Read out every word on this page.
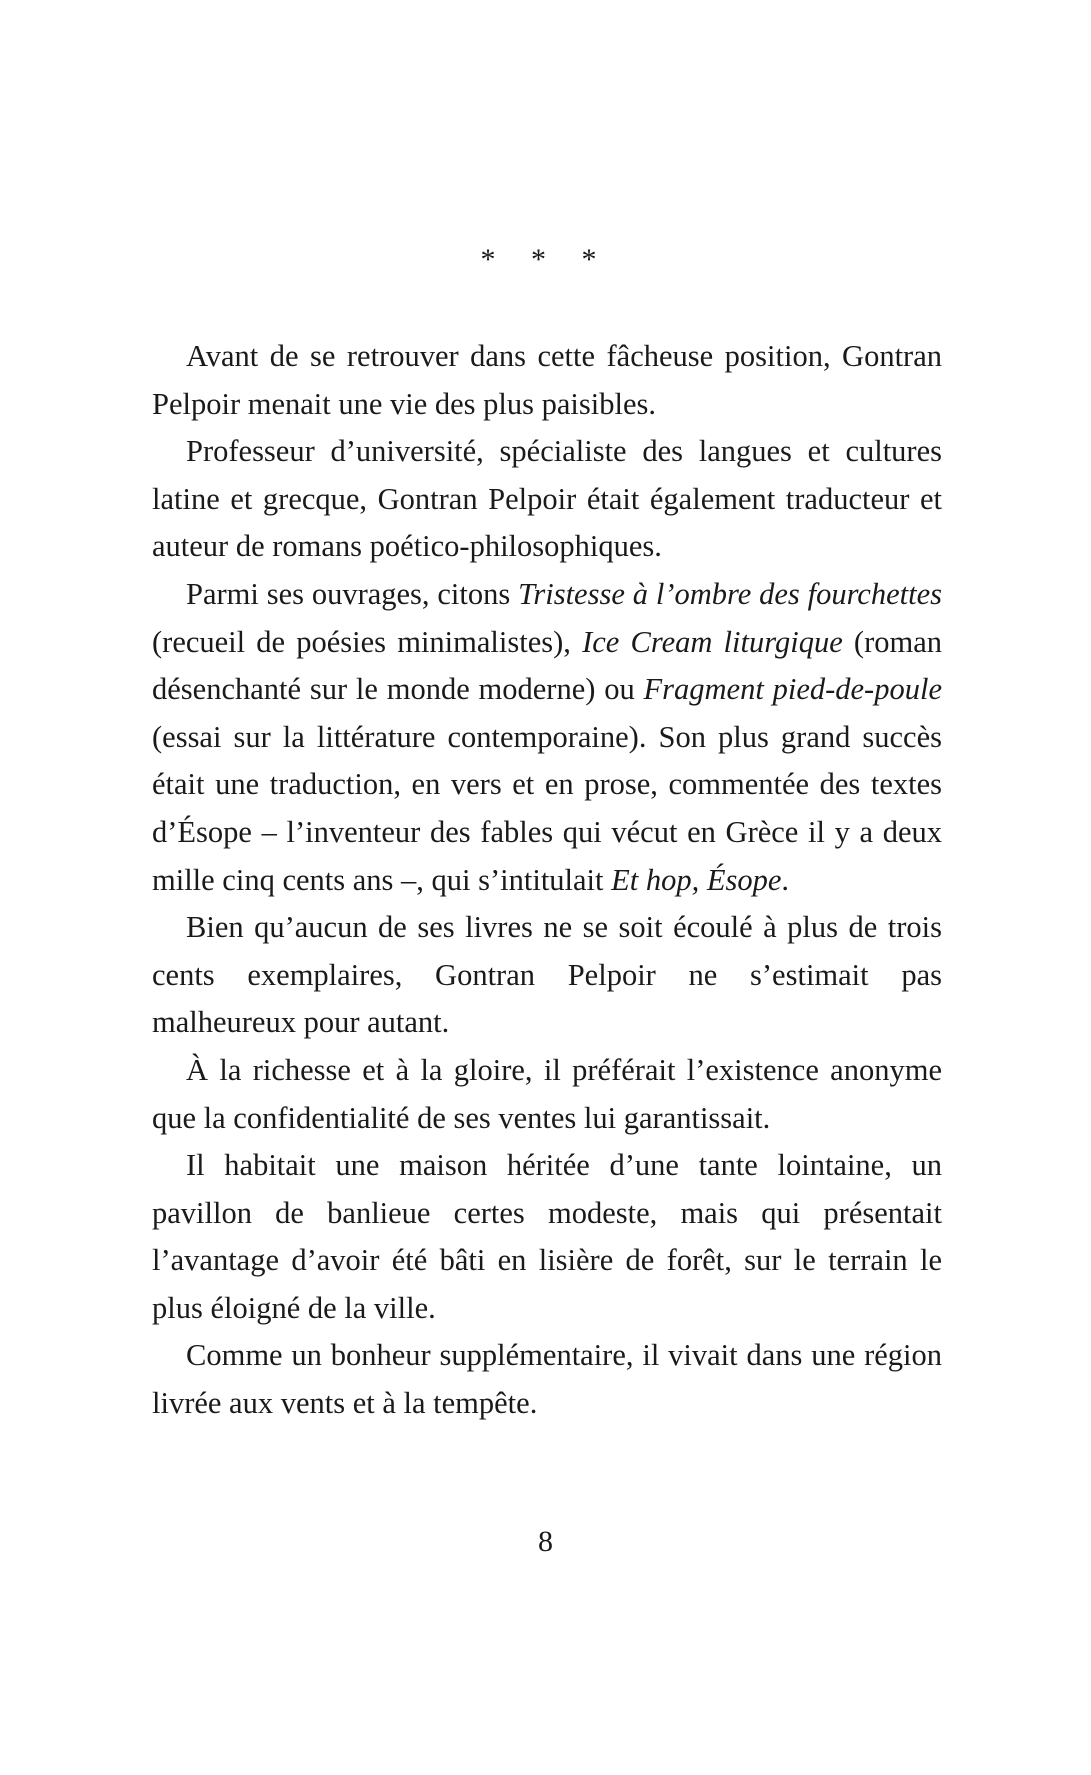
* * *

Avant de se retrouver dans cette fâcheuse position, Gontran Pelpoir menait une vie des plus paisibles.

Professeur d’université, spécialiste des langues et cultures latine et grecque, Gontran Pelpoir était également traducteur et auteur de romans poético-philosophiques.

Parmi ses ouvrages, citons Tristesse à l’ombre des fourchettes (recueil de poésies minimalistes), Ice Cream liturgique (roman désenchanté sur le monde moderne) ou Fragment pied-de-poule (essai sur la littérature contemporaine). Son plus grand succès était une traduction, en vers et en prose, commentée des textes d’Ésope – l’inventeur des fables qui vécut en Grèce il y a deux mille cinq cents ans –, qui s’intitulait Et hop, Ésope.

Bien qu’aucun de ses livres ne se soit écoulé à plus de trois cents exemplaires, Gontran Pelpoir ne s’estimait pas malheureux pour autant.

À la richesse et à la gloire, il préférait l’existence anonyme que la confidentialité de ses ventes lui garantissait.

Il habitait une maison héritée d’une tante lointaine, un pavillon de banlieue certes modeste, mais qui présentait l’avantage d’avoir été bâti en lisière de forêt, sur le terrain le plus éloigné de la ville.

Comme un bonheur supplémentaire, il vivait dans une région livrée aux vents et à la tempête.

8
